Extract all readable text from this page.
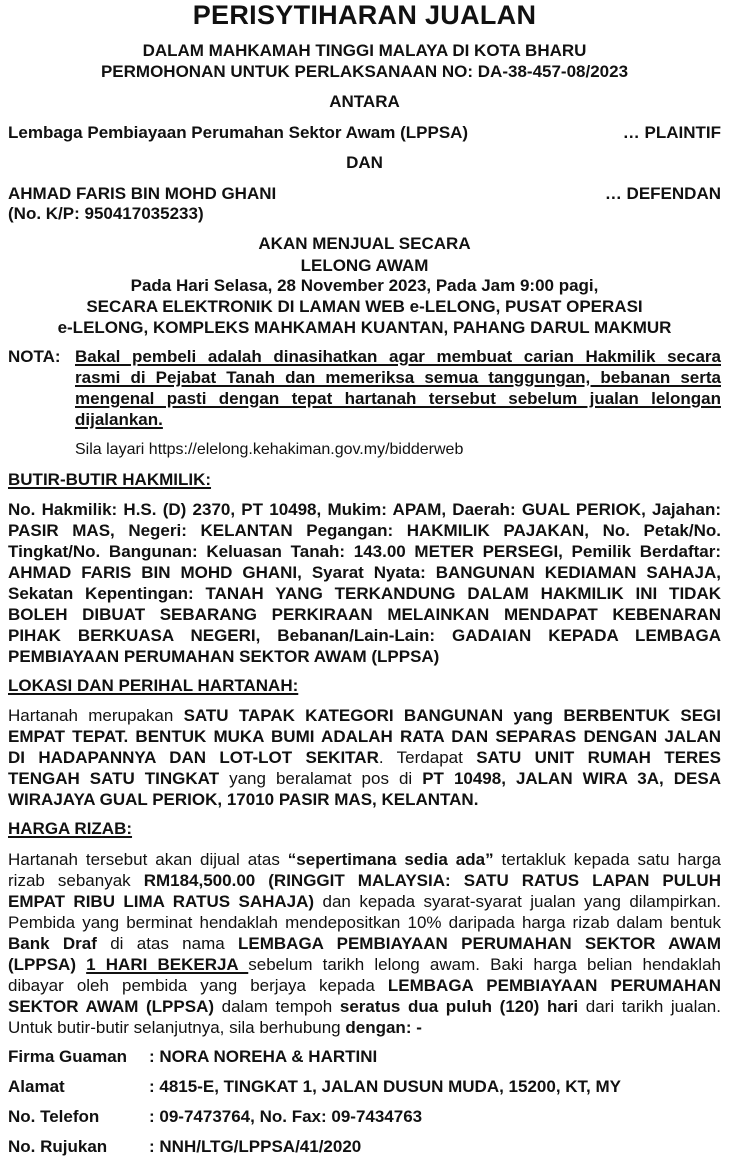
PERISYTIHARAN JUALAN
DALAM MAHKAMAH TINGGI MALAYA DI KOTA BHARU
PERMOHONAN UNTUK PERLAKSANAAN NO: DA-38-457-08/2023
ANTARA
Lembaga Pembiayaan Perumahan Sektor Awam (LPPSA)	… PLAINTIF
DAN
AHMAD FARIS BIN MOHD GHANI	… DEFENDAN
(No. K/P: 950417035233)
AKAN MENJUAL SECARA
LELONG AWAM
Pada Hari Selasa, 28 November 2023, Pada Jam 9:00 pagi,
SECARA ELEKTRONIK DI LAMAN WEB e-LELONG, PUSAT OPERASI
e-LELONG, KOMPLEKS MAHKAMAH KUANTAN, PAHANG DARUL MAKMUR
NOTA: Bakal pembeli adalah dinasihatkan agar membuat carian Hakmilik secara
rasmi di Pejabat Tanah dan memeriksa semua tanggungan, bebanan serta
mengenal pasti dengan tepat hartanah tersebut sebelum jualan lelongan
dijalankan.
Sila layari https://elelong.kehakiman.gov.my/bidderweb
BUTIR-BUTIR HAKMILIK:
No. Hakmilik: H.S. (D) 2370, PT 10498, Mukim: APAM, Daerah: GUAL PERIOK, Jajahan:
PASIR MAS, Negeri: KELANTAN Pegangan: HAKMILIK PAJAKAN, No. Petak/No.
Tingkat/No. Bangunan: Keluasan Tanah: 143.00 METER PERSEGI, Pemilik Berdaftar:
AHMAD FARIS BIN MOHD GHANI, Syarat Nyata: BANGUNAN KEDIAMAN SAHAJA,
Sekatan Kepentingan: TANAH YANG TERKANDUNG DALAM HAKMILIK INI TIDAK
BOLEH DIBUAT SEBARANG PERKIRAAN MELAINKAN MENDAPAT KEBENARAN
PIHAK BERKUASA NEGERI, Bebanan/Lain-Lain: GADAIAN KEPADA LEMBAGA
PEMBIAYAAN PERUMAHAN SEKTOR AWAM (LPPSA)
LOKASI DAN PERIHAL HARTANAH:
Hartanah merupakan SATU TAPAK KATEGORI BANGUNAN yang BERBENTUK SEGI
EMPAT TEPAT. BENTUK MUKA BUMI ADALAH RATA DAN SEPARAS DENGAN JALAN
DI HADAPANNYA DAN LOT-LOT SEKITAR. Terdapat SATU UNIT RUMAH TERES
TENGAH SATU TINGKAT yang beralamat pos di PT 10498, JALAN WIRA 3A, DESA
WIRAJAYA GUAL PERIOK, 17010 PASIR MAS, KELANTAN.
HARGA RIZAB:
Hartanah tersebut akan dijual atas “sepertimana sedia ada” tertakluk kepada satu harga
rizab sebanyak RM184,500.00 (RINGGIT MALAYSIA: SATU RATUS LAPAN PULUH
EMPAT RIBU LIMA RATUS SAHAJA) dan kepada syarat-syarat jualan yang dilampirkan.
Pembida yang berminat hendaklah mendepositkan 10% daripada harga rizab dalam bentuk
Bank Draf di atas nama LEMBAGA PEMBIAYAAN PERUMAHAN SEKTOR AWAM
(LPPSA) 1 HARI BEKERJA sebelum tarikh lelong awam. Baki harga belian hendaklah
dibayar oleh pembida yang berjaya kepada LEMBAGA PEMBIAYAAN PERUMAHAN
SEKTOR AWAM (LPPSA) dalam tempoh seratus dua puluh (120) hari dari tarikh jualan.
Untuk butir-butir selanjutnya, sila berhubung dengan: -
Firma Guaman	: NORA NOREHA & HARTINI
Alamat	: 4815-E, TINGKAT 1, JALAN DUSUN MUDA, 15200, KT, MY
No. Telefon	: 09-7473764, No. Fax: 09-7434763
No. Rujukan	: NNH/LTG/LPPSA/41/2020
